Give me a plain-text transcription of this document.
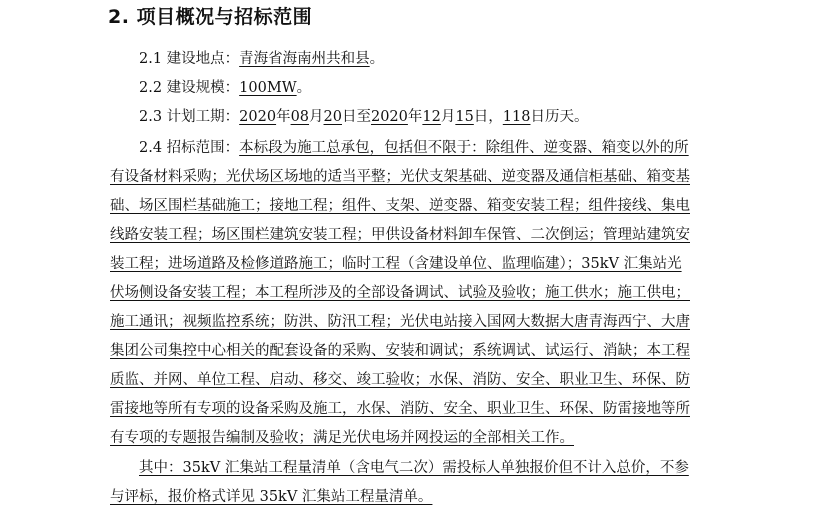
2. 项目概况与招标范围
2.1 建设地点：青海省海南州共和县。
2.2 建设规模：100MW。
2.3 计划工期：2020年08月20日至2020年12月15日，118日历天。
2.4 招标范围：本标段为施工总承包，包括但不限于：除组件、逆变器、箱变以外的所
有设备材料采购；光伏场区场地的适当平整；光伏支架基础、逆变器及通信柜基础、箱变基
础、场区围栏基础施工；接地工程；组件、支架、逆变器、箱变安装工程；组件接线、集电
线路安装工程；场区围栏建筑安装工程；甲供设备材料卸车保管、二次倒运；管理站建筑安
装工程；进场道路及检修道路施工；临时工程（含建设单位、监理临建）；35kV 汇集站光
伏场侧设备安装工程；本工程所涉及的全部设备调试、试验及验收；施工供水；施工供电；
施工通讯；视频监控系统；防洪、防汛工程；光伏电站接入国网大数据大唐青海西宁、大唐
集团公司集控中心相关的配套设备的采购、安装和调试；系统调试、试运行、消缺；本工程
质监、并网、单位工程、启动、移交、竣工验收；水保、消防、安全、职业卫生、环保、防
雷接地等所有专项的设备采购及施工，水保、消防、安全、职业卫生、环保、防雷接地等所
有专项的专题报告编制及验收；满足光伏电场并网投运的全部相关工作。
其中：35kV 汇集站工程量清单（含电气二次）需投标人单独报价但不计入总价，不参
与评标，报价格式详见 35kV 汇集站工程量清单。
